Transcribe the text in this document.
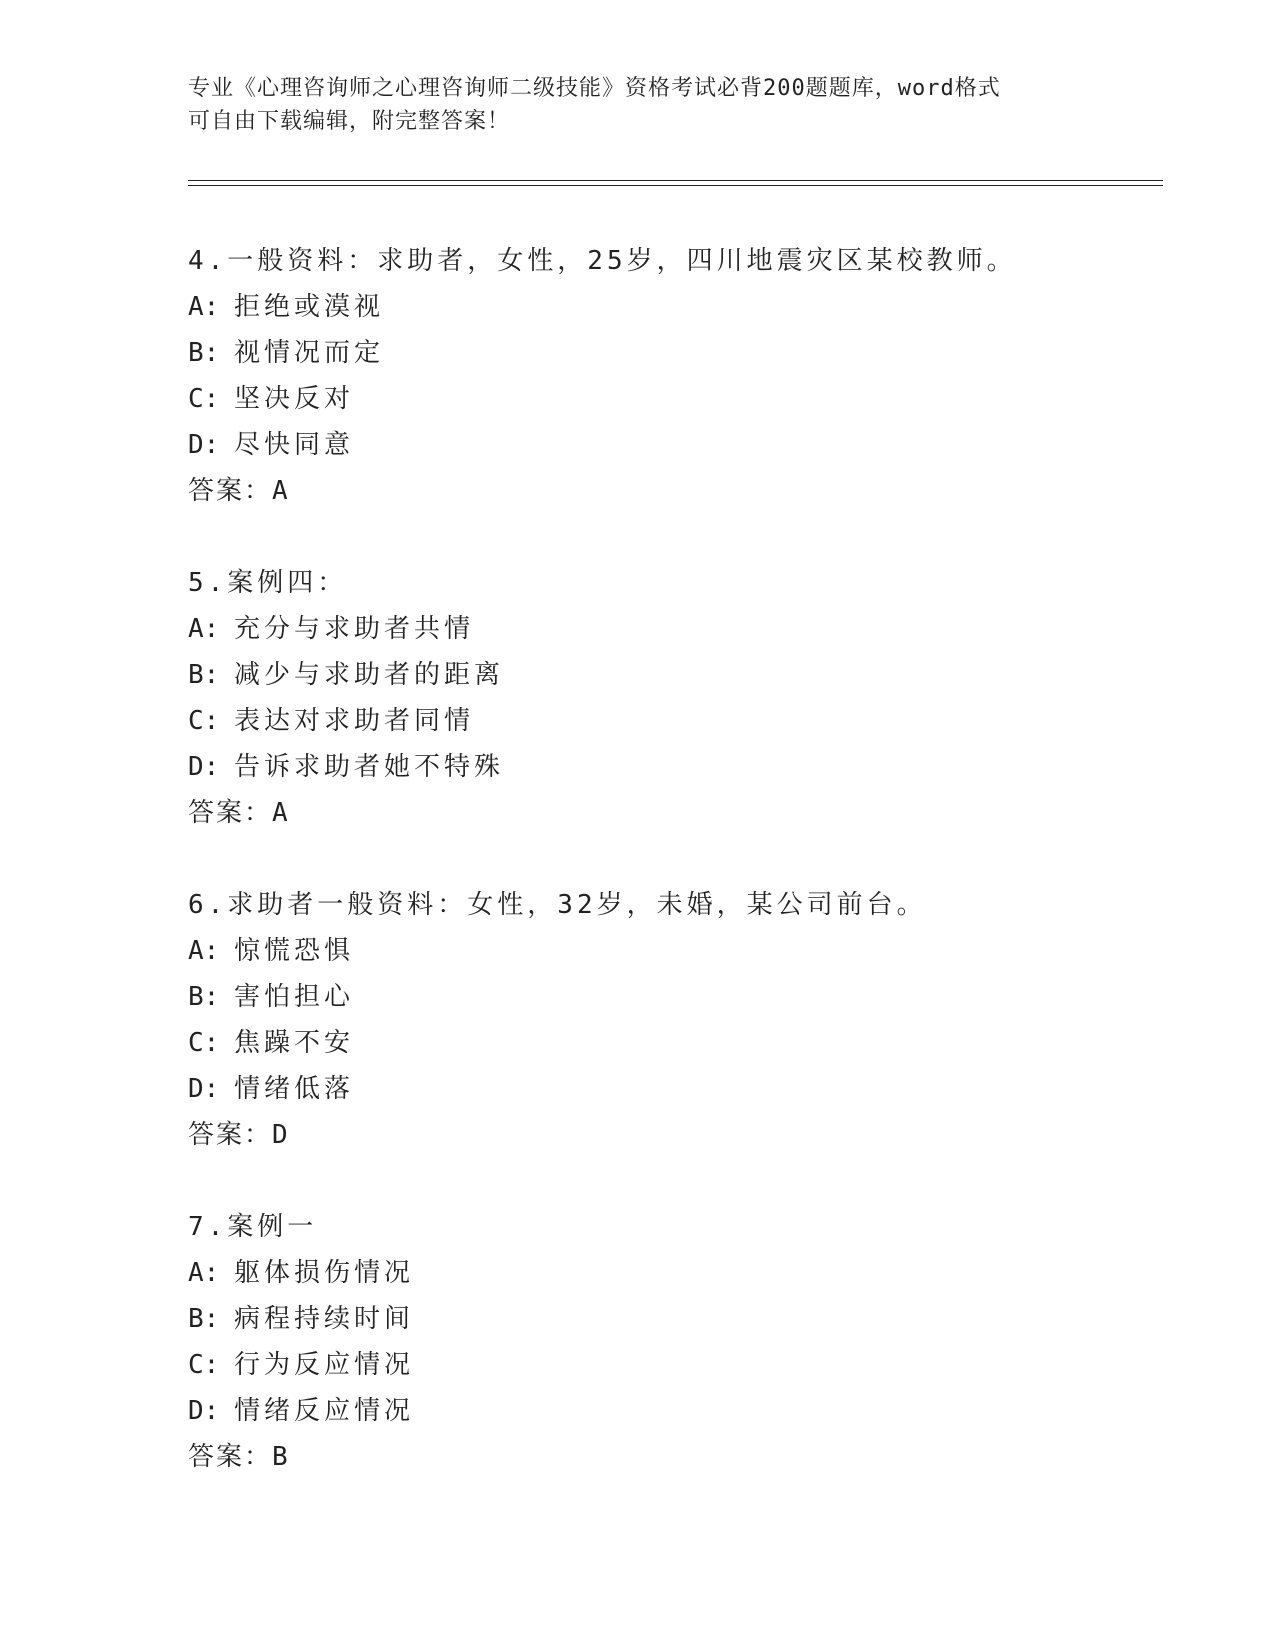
专业《心理咨询师之心理咨询师二级技能》资格考试必背200题题库，word格式
可自由下载编辑，附完整答案！
4.一般资料：求助者，女性，25岁，四川地震灾区某校教师。
A: 拒绝或漠视
B: 视情况而定
C: 坚决反对
D: 尽快同意
答案：A
5.案例四：
A: 充分与求助者共情
B: 减少与求助者的距离
C: 表达对求助者同情
D: 告诉求助者她不特殊
答案：A
6.求助者一般资料：女性，32岁，未婚，某公司前台。
A: 惊慌恐惧
B: 害怕担心
C: 焦躁不安
D: 情绪低落
答案：D
7.案例一
A: 躯体损伤情况
B: 病程持续时间
C: 行为反应情况
D: 情绪反应情况
答案：B
